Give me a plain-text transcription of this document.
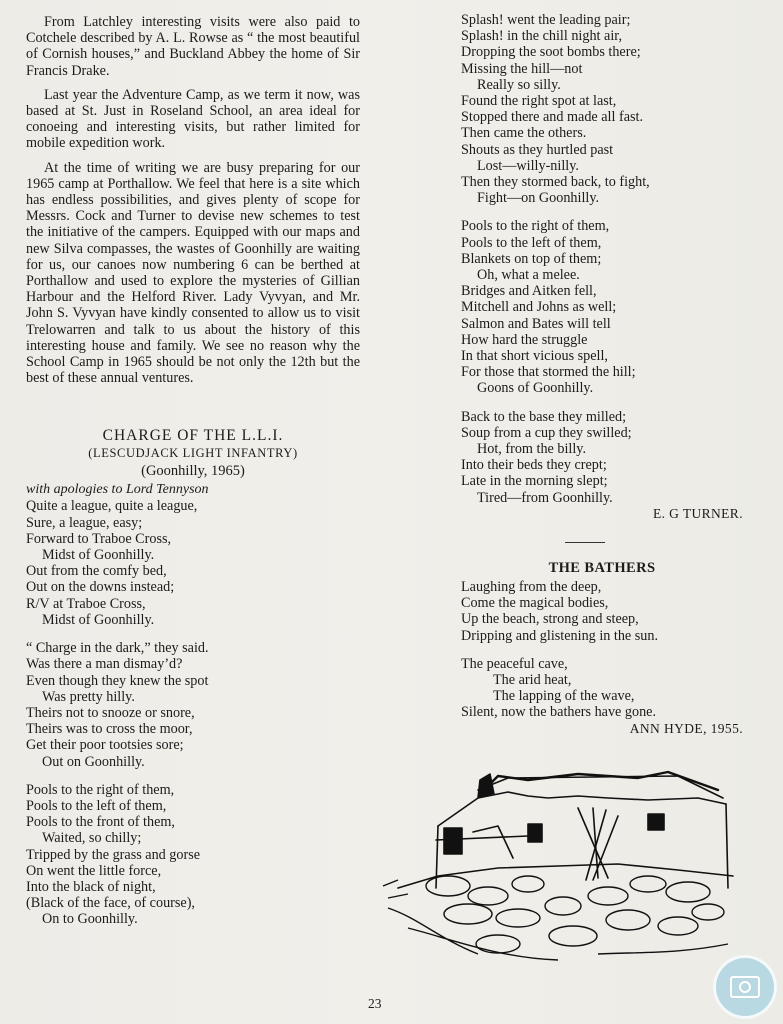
From Latchley interesting visits were also paid to Cotchele described by A. L. Rowse as “ the most beautiful of Cornish houses,” and Buckland Abbey the home of Sir Francis Drake.

Last year the Adventure Camp, as we term it now, was based at St. Just in Roseland School, an area ideal for conoeing and interesting visits, but rather limited for mobile expedition work.

At the time of writing we are busy preparing for our 1965 camp at Porthallow. We feel that here is a site which has endless possibilities, and gives plenty of scope for Messrs. Cock and Turner to devise new schemes to test the initiative of the campers. Equipped with our maps and new Silva compasses, the wastes of Goonhilly are waiting for us, our canoes now numbering 6 can be berthed at Porthallow and used to explore the mysteries of Gillian Harbour and the Helford River. Lady Vyvyan, and Mr. John S. Vyvyan have kindly consented to allow us to visit Trelowarren and talk to us about the history of this interesting house and family. We see no reason why the School Camp in 1965 should be not only the 12th but the best of these annual ventures.

CHARGE OF THE L.L.I.
(LESCUDJACK LIGHT INFANTRY)
(Goonhilly, 1965)
with apologies to Lord Tennyson
Quite a league, quite a league,
Sure, a league, easy;
Forward to Traboe Cross,
Midst of Goonhilly.
Out from the comfy bed,
Out on the downs instead;
R/V at Traboe Cross,
Midst of Goonhilly.
“ Charge in the dark,” they said.
Was there a man dismay’d?
Even though they knew the spot
Was pretty hilly.
Theirs not to snooze or snore,
Theirs was to cross the moor,
Get their poor tootsies sore;
Out on Goonhilly.
Pools to the right of them,
Pools to the left of them,
Pools to the front of them,
Waited, so chilly;
Tripped by the grass and gorse
On went the little force,
Into the black of night,
(Black of the face, of course),
On to Goonhilly.
Splash! went the leading pair;
Splash! in the chill night air,
Dropping the soot bombs there;
Missing the hill—not
Really so silly.
Found the right spot at last,
Stopped there and made all fast.
Then came the others.
Shouts as they hurtled past
Lost—willy-nilly.
Then they stormed back, to fight,
Fight—on Goonhilly.
Pools to the right of them,
Pools to the left of them,
Blankets on top of them;
Oh, what a melee.
Bridges and Aitken fell,
Mitchell and Johns as well;
Salmon and Bates will tell
How hard the struggle
In that short vicious spell,
For those that stormed the hill;
Goons of Goonhilly.
Back to the base they milled;
Soup from a cup they swilled;
Hot, from the billy.
Into their beds they crept;
Late in the morning slept;
Tired—from Goonhilly.
E. G TURNER.
THE BATHERS
Laughing from the deep,
Come the magical bodies,
Up the beach, strong and steep,
Dripping and glistening in the sun.
The peaceful cave,
The arid heat,
The lapping of the wave,
Silent, now the bathers have gone.
ANN HYDE, 1955.
23
